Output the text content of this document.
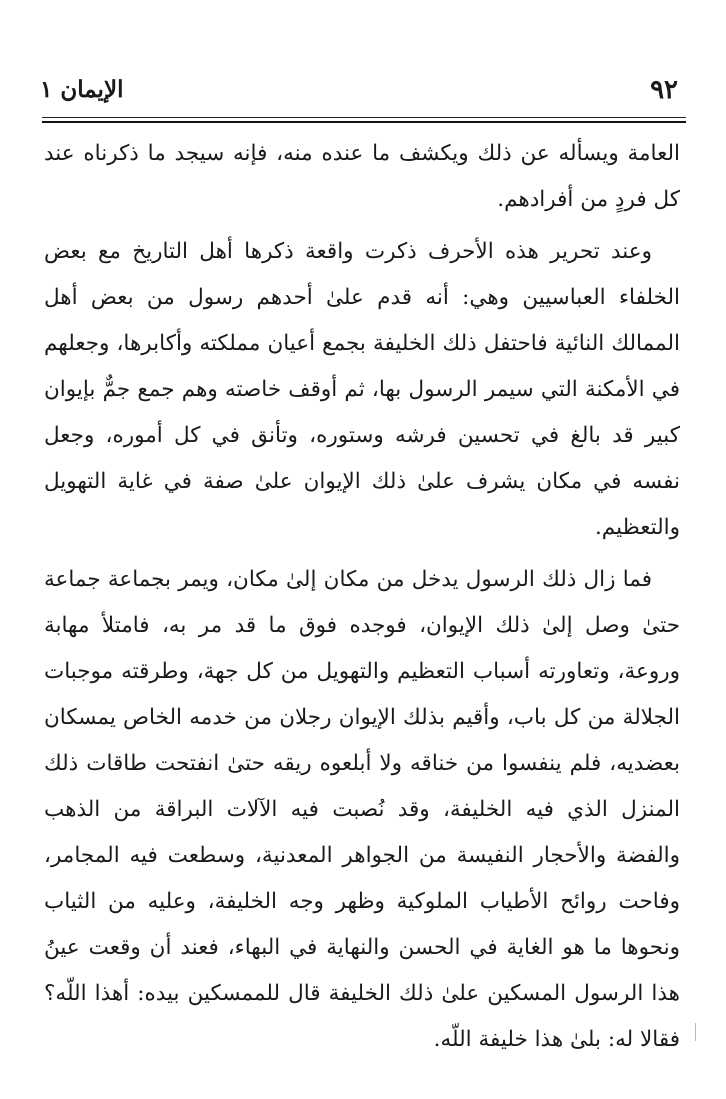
٩٢
الإيمان ١

العامة ويسأله عن ذلك ويكشف ما عنده منه، فإنه سيجد ما ذكرناه عند كل فردٍ من أفرادهم.

وعند تحرير هذه الأحرف ذكرت واقعة ذكرها أهل التاريخ مع بعض الخلفاء العباسيين وهي: أنه قدم علىٰ أحدهم رسول من بعض أهل الممالك النائية فاحتفل ذلك الخليفة بجمع أعيان مملكته وأكابرها، وجعلهم في الأمكنة التي سيمر الرسول بها، ثم أوقف خاصته وهم جمع جمٌّ بإيوان كبير قد بالغ في تحسين فرشه وستوره، وتأنق في كل أموره، وجعل نفسه في مكان يشرف علىٰ ذلك الإيوان علىٰ صفة في غاية التهويل والتعظيم.

فما زال ذلك الرسول يدخل من مكان إلىٰ مكان، ويمر بجماعة جماعة حتىٰ وصل إلىٰ ذلك الإيوان، فوجده فوق ما قد مر به، فامتلأ مهابة وروعة، وتعاورته أسباب التعظيم والتهويل من كل جهة، وطرقته موجبات الجلالة من كل باب، وأقيم بذلك الإيوان رجلان من خدمه الخاص يمسكان بعضديه، فلم ينفسوا من خناقه ولا أبلعوه ريقه حتىٰ انفتحت طاقات ذلك المنزل الذي فيه الخليفة، وقد نُصبت فيه الآلات البراقة من الذهب والفضة والأحجار النفيسة من الجواهر المعدنية، وسطعت فيه المجامر، وفاحت روائح الأطياب الملوكية وظهر وجه الخليفة، وعليه من الثياب ونحوها ما هو الغاية في الحسن والنهاية في البهاء، فعند أن وقعت عينُ هذا الرسول المسكين علىٰ ذلك الخليفة قال للممسكين بيده: أهذا اللّه؟ فقالا له: بلىٰ هذا خليفة اللّه.
